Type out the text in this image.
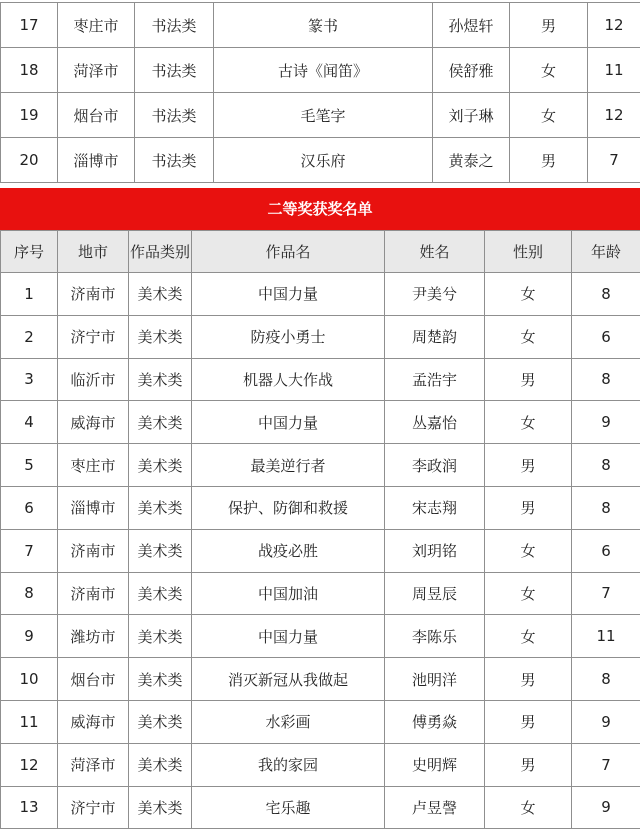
17	枣庄市	书法类	篆书	孙煜轩	男	12
18	菏泽市	书法类	古诗《闻笛》	侯舒雅	女	11
19	烟台市	书法类	毛笔字	刘子琳	女	12
20	淄博市	书法类	汉乐府	黄泰之	男	7
二等奖获奖名单
序号	地市	作品类别	作品名	姓名	性别	年龄
1	济南市	美术类	中国力量	尹美兮	女	8
2	济宁市	美术类	防疫小勇士	周楚韵	女	6
3	临沂市	美术类	机器人大作战	孟浩宇	男	8
4	威海市	美术类	中国力量	丛嘉怡	女	9
5	枣庄市	美术类	最美逆行者	李政润	男	8
6	淄博市	美术类	保护、防御和救援	宋志翔	男	8
7	济南市	美术类	战疫必胜	刘玥铭	女	6
8	济南市	美术类	中国加油	周昱辰	女	7
9	潍坊市	美术类	中国力量	李陈乐	女	11
10	烟台市	美术类	消灭新冠从我做起	池明洋	男	8
11	威海市	美术类	水彩画	傅勇焱	男	9
12	菏泽市	美术类	我的家园	史明辉	男	7
13	济宁市	美术类	宅乐趣	卢昱謦	女	9
